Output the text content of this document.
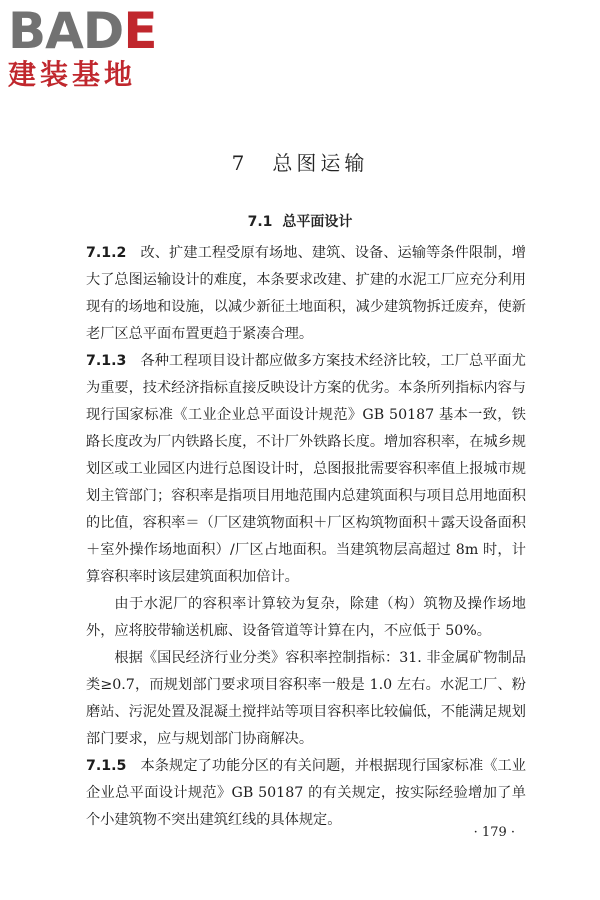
BADE
建装基地
7　总图运输
7.1 总平面设计

7.1.2 改、扩建工程受原有场地、建筑、设备、运输等条件限制，增大了总图运输设计的难度，本条要求改建、扩建的水泥工厂应充分利用现有的场地和设施，以减少新征土地面积，减少建筑物拆迁废弃，使新老厂区总平面布置更趋于紧凑合理。

7.1.3 各种工程项目设计都应做多方案技术经济比较，工厂总平面尤为重要，技术经济指标直接反映设计方案的优劣。本条所列指标内容与现行国家标准《工业企业总平面设计规范》GB 50187 基本一致，铁路长度改为厂内铁路长度，不计厂外铁路长度。增加容积率，在城乡规划区或工业园区内进行总图设计时，总图报批需要容积率值上报城市规划主管部门；容积率是指项目用地范围内总建筑面积与项目总用地面积的比值，容积率＝（厂区建筑物面积＋厂区构筑物面积＋露天设备面积＋室外操作场地面积）/厂区占地面积。当建筑物层高超过 8m 时，计算容积率时该层建筑面积加倍计。

由于水泥厂的容积率计算较为复杂，除建（构）筑物及操作场地外，应将胶带输送机廊、设备管道等计算在内，不应低于 50%。

根据《国民经济行业分类》容积率控制指标：31. 非金属矿物制品类≥0.7，而规划部门要求项目容积率一般是 1.0 左右。水泥工厂、粉磨站、污泥处置及混凝土搅拌站等项目容积率比较偏低，不能满足规划部门要求，应与规划部门协商解决。

7.1.5 本条规定了功能分区的有关问题，并根据现行国家标准《工业企业总平面设计规范》GB 50187 的有关规定，按实际经验增加了单个小建筑物不突出建筑红线的具体规定。

· 179 ·
